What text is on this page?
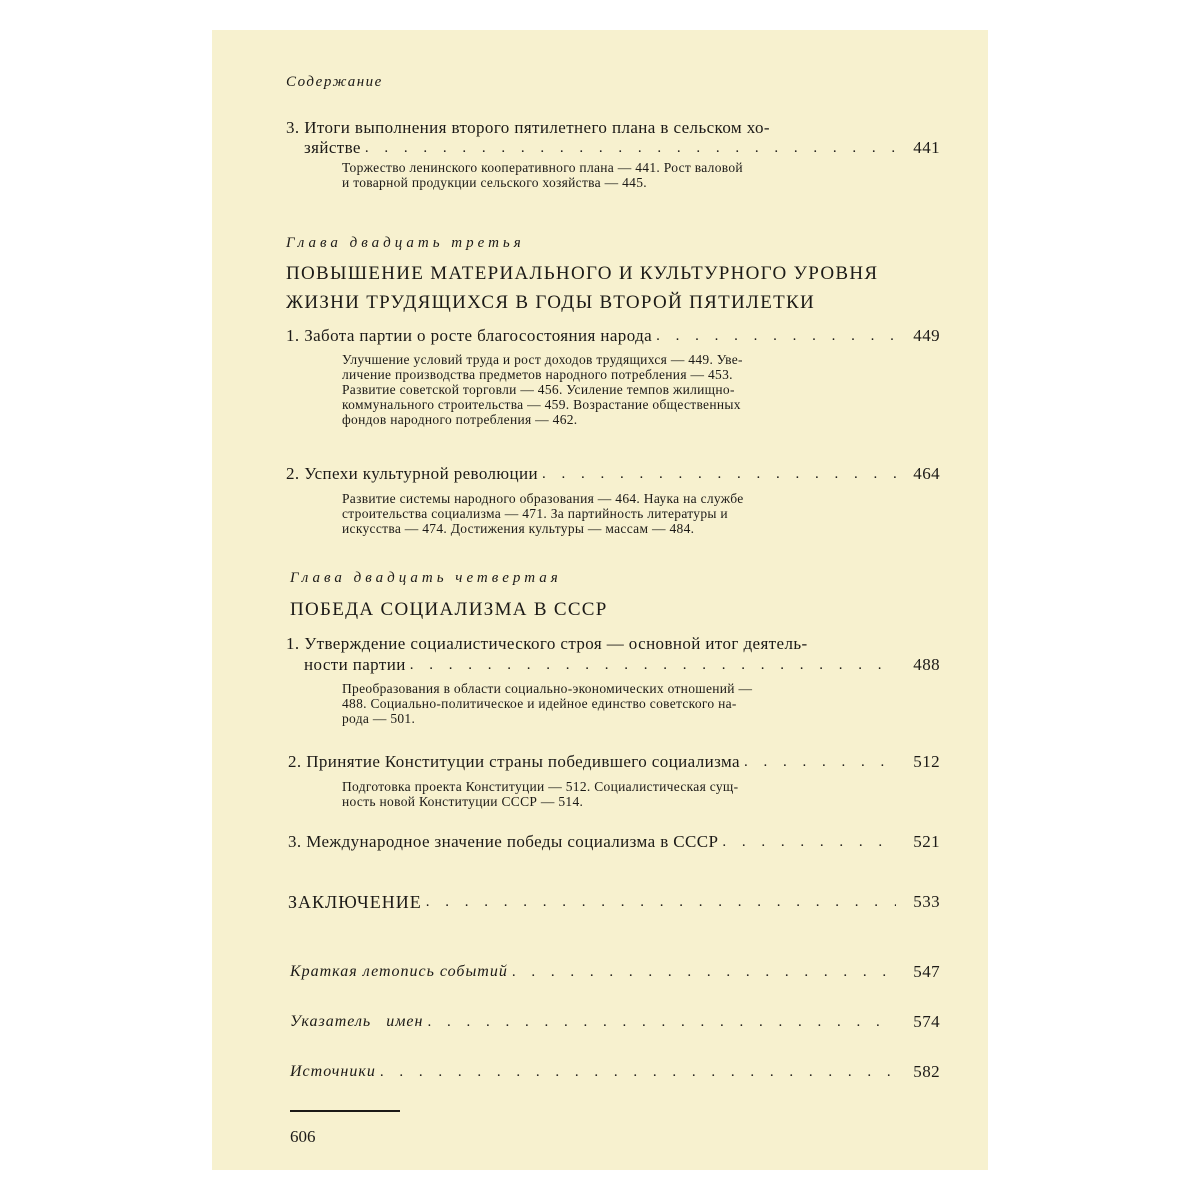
Содержание
3. Итоги выполнения второго пятилетнего плана в сельском хо-
зяйстве . . .	441
Торжество ленинского кооперативного плана — 441. Рост валовой
и товарной продукции сельского хозяйства — 445.
Глава двадцать третья
ПОВЫШЕНИЕ МАТЕРИАЛЬНОГО И КУЛЬТУРНОГО УРОВНЯ
ЖИЗНИ ТРУДЯЩИХСЯ В ГОДЫ ВТОРОЙ ПЯТИЛЕТКИ
1. Забота партии о росте благосостояния народа . . .	449
Улучшение условий труда и рост доходов трудящихся — 449. Уве-
личение производства предметов народного потребления — 453.
Развитие советской торговли — 456. Усиление темпов жилищно-
коммунального строительства — 459. Возрастание общественных
фондов народного потребления — 462.
2. Успехи культурной революции . . .	464
Развитие системы народного образования — 464. Наука на службе
строительства социализма — 471. За партийность литературы и
искусства — 474. Достижения культуры — массам — 484.
Глава двадцать четвертая
ПОБЕДА СОЦИАЛИЗМА В СССР
1. Утверждение социалистического строя — основной итог деятель-
ности партии . . .	488
Преобразования в области социально-экономических отношений —
488. Социально-политическое и идейное единство советского на-
рода — 501.
2. Принятие Конституции страны победившего социализма . . .	512
Подготовка проекта Конституции — 512. Социалистическая сущ-
ность новой Конституции СССР — 514.
3. Международное значение победы социализма в СССР . . .	521
ЗАКЛЮЧЕНИЕ . . .	533
Краткая летопись событий . . .	547
Указатель имен . . .	574
Источники . . .	582
606
